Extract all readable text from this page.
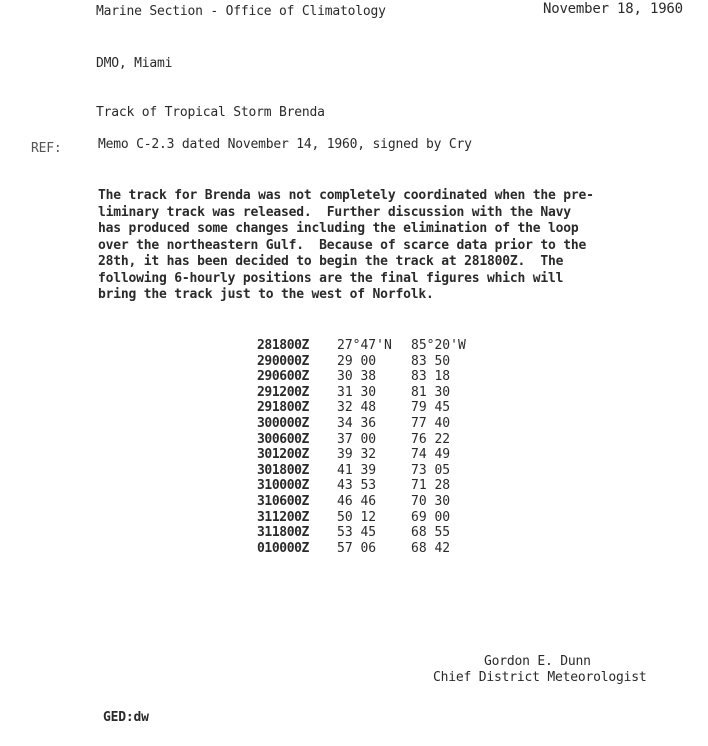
Marine Section - Office of Climatology	November 18, 1960
DMO, Miami
Track of Tropical Storm Brenda
REF:	Memo C-2.3 dated November 14, 1960, signed by Cry
The track for Brenda was not completely coordinated when the pre-
liminary track was released.  Further discussion with the Navy
has produced some changes including the elimination of the loop
over the northeastern Gulf.  Because of scarce data prior to the
28th, it has been decided to begin the track at 281800Z.  The
following 6-hourly positions are the final figures which will
bring the track just to the west of Norfolk.
281800Z	27°47'N	85°20'W
290000Z	29 00	83 50
290600Z	30 38	83 18
291200Z	31 30	81 30
291800Z	32 48	79 45
300000Z	34 36	77 40
300600Z	37 00	76 22
301200Z	39 32	74 49
301800Z	41 39	73 05
310000Z	43 53	71 28
310600Z	46 46	70 30
311200Z	50 12	69 00
311800Z	53 45	68 55
010000Z	57 06	68 42
Gordon E. Dunn
Chief District Meteorologist
GED:dw
